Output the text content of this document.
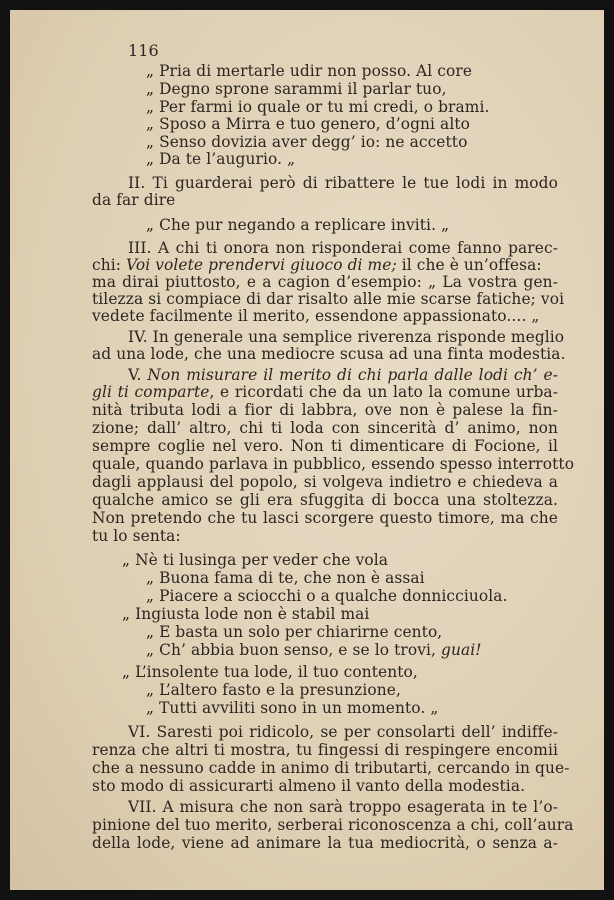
116
„ Pria di mertarle udir non posso. Al core
„ Degno sprone sarammi il parlar tuo,
„ Per farmi io quale or tu mi credi, o brami.
„ Sposo a Mirra e tuo genero, d’ogni alto
„ Senso dovizia aver degg’ io: ne accetto
„ Da te l’augurio. „
II. Ti guarderai però di ribattere le tue lodi in modo
da far dire
„ Che pur negando a replicare inviti. „
III. A chi ti onora non risponderai come fanno parec-
chi: Voi volete prendervi giuoco di me; il che è un’offesa:
ma dirai piuttosto, e a cagion d’esempio: „ La vostra gen-
tilezza si compiace di dar risalto alle mie scarse fatiche; voi
vedete facilmente il merito, essendone appassionato.... „
IV. In generale una semplice riverenza risponde meglio
ad una lode, che una mediocre scusa ad una finta modestia.
V. Non misurare il merito di chi parla dalle lodi ch’ e-
gli ti comparte, e ricordati che da un lato la comune urba-
nità tributa lodi a fior di labbra, ove non è palese la fin-
zione; dall’ altro, chi ti loda con sincerità d’ animo, non
sempre coglie nel vero. Non ti dimenticare di Focione, il
quale, quando parlava in pubblico, essendo spesso interrotto
dagli applausi del popolo, si volgeva indietro e chiedeva a
qualche amico se gli era sfuggita di bocca una stoltezza.
Non pretendo che tu lasci scorgere questo timore, ma che
tu lo senta:
„ Nè ti lusinga per veder che vola
„ Buona fama di te, che non è assai
„ Piacere a sciocchi o a qualche donnicciuola.
„ Ingiusta lode non è stabil mai
„ E basta un solo per chiarirne cento,
„ Ch’ abbia buon senso, e se lo trovi, guai!
„ L’insolente tua lode, il tuo contento,
„ L’altero fasto e la presunzione,
„ Tutti avviliti sono in un momento. „
VI. Saresti poi ridicolo, se per consolarti dell’ indiffe-
renza che altri ti mostra, tu fingessi di respingere encomii
che a nessuno cadde in animo di tributarti, cercando in que-
sto modo di assicurarti almeno il vanto della modestia.
VII. A misura che non sarà troppo esagerata in te l’o-
pinione del tuo merito, serberai riconoscenza a chi, coll’aura
della lode, viene ad animare la tua mediocrità, o senza a-
